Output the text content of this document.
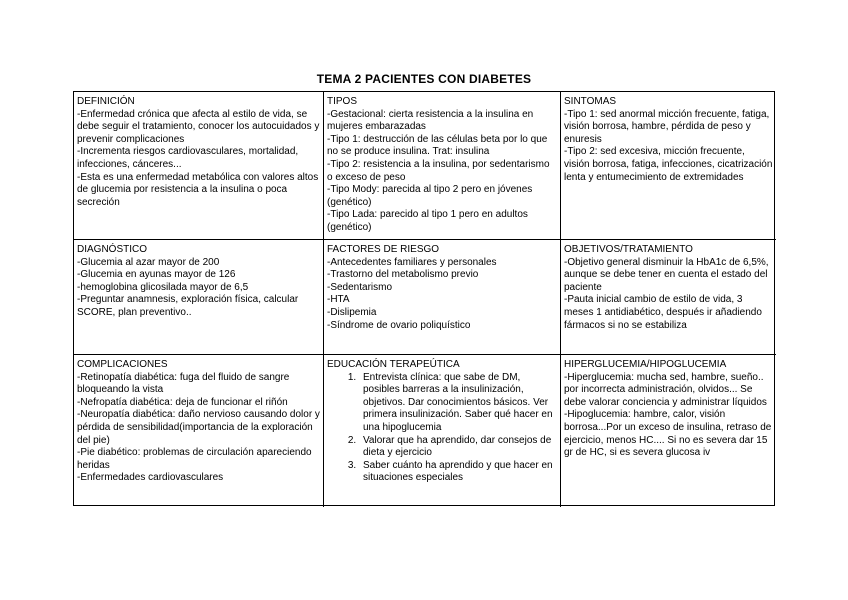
TEMA 2 PACIENTES CON DIABETES
DEFINICIÓN
-Enfermedad crónica que afecta al estilo de vida, se debe seguir el tratamiento, conocer los autocuidados y prevenir complicaciones
-Incrementa riesgos cardiovasculares, mortalidad, infecciones, cánceres...
-Esta es una enfermedad metabólica con valores altos de glucemia por resistencia a la insulina o poca secreción
TIPOS
-Gestacional: cierta resistencia a la insulina en mujeres embarazadas
-Tipo 1: destrucción de las células beta por lo que no se produce insulina. Trat: insulina
-Tipo 2: resistencia a la insulina, por sedentarismo o exceso de peso
-Tipo Mody: parecida al tipo 2 pero en jóvenes (genético)
-Tipo Lada: parecido al tipo 1 pero en adultos (genético)
SINTOMAS
-Tipo 1: sed anormal micción frecuente, fatiga, visión borrosa, hambre, pérdida de peso y enuresis
-Tipo 2: sed excesiva, micción frecuente, visión borrosa, fatiga, infecciones, cicatrización lenta y entumecimiento de extremidades
DIAGNÓSTICO
-Glucemia al azar mayor de 200
-Glucemia en ayunas mayor de 126
-hemoglobina glicosilada mayor de 6,5
-Preguntar anamnesis, exploración física, calcular SCORE, plan preventivo..
FACTORES DE RIESGO
-Antecedentes familiares y personales
-Trastorno del metabolismo previo
-Sedentarismo
-HTA
-Dislipemia
-Síndrome de ovario poliquístico
OBJETIVOS/TRATAMIENTO
-Objetivo general disminuir la HbA1c de 6,5%, aunque se debe tener en cuenta el estado del paciente
-Pauta inicial cambio de estilo de vida, 3 meses 1 antidiabético, después ir añadiendo fármacos si no se estabiliza
COMPLICACIONES
-Retinopatía diabética: fuga del fluido de sangre bloqueando la vista
-Nefropatía diabética: deja de funcionar el riñón
-Neuropatía diabética: daño nervioso causando dolor y pérdida de sensibilidad(importancia de la exploración del pie)
-Pie diabético: problemas de circulación apareciendo heridas
-Enfermedades cardiovasculares
EDUCACIÓN TERAPEÚTICA
1. Entrevista clínica: que sabe de DM, posibles barreras a la insulinización, objetivos. Dar conocimientos básicos. Ver primera insulinización. Saber qué hacer en una hipoglucemia
2. Valorar que ha aprendido, dar consejos de dieta y ejercicio
3. Saber cuánto ha aprendido y que hacer en situaciones especiales
HIPERGLUCEMIA/HIPOGLUCEMIA
-Hiperglucemia: mucha sed, hambre, sueño.. por incorrecta administración, olvidos... Se debe valorar conciencia y administrar líquidos
-Hipoglucemia: hambre, calor, visión borrosa...Por un exceso de insulina, retraso de ejercicio, menos HC.... Si no es severa dar 15 gr de HC, si es severa glucosa iv
